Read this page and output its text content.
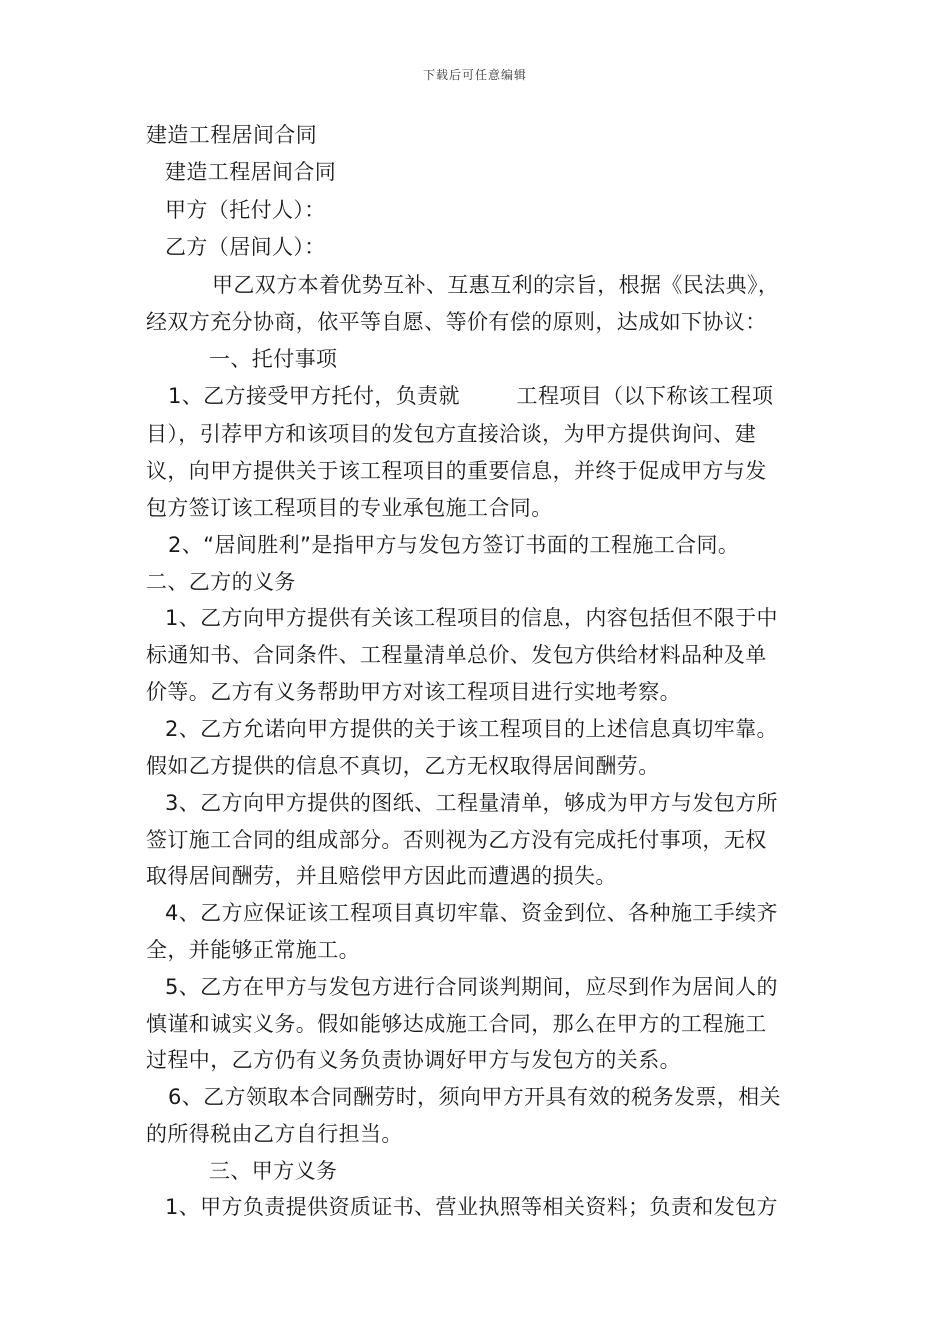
下载后可任意编辑
建造工程居间合同
建造工程居间合同
甲方（托付人）：
乙方（居间人）：
甲乙双方本着优势互补、互惠互利的宗旨，根据《民法典》，
经双方充分协商，依平等自愿、等价有偿的原则，达成如下协议：
一、托付事项
1、乙方接受甲方托付，负责就        工程项目（以下称该工程项
目），引荐甲方和该项目的发包方直接洽谈，为甲方提供询问、建
议，向甲方提供关于该工程项目的重要信息，并终于促成甲方与发
包方签订该工程项目的专业承包施工合同。
2、“居间胜利”是指甲方与发包方签订书面的工程施工合同。
二、乙方的义务
1、乙方向甲方提供有关该工程项目的信息，内容包括但不限于中
标通知书、合同条件、工程量清单总价、发包方供给材料品种及单
价等。乙方有义务帮助甲方对该工程项目进行实地考察。
2、乙方允诺向甲方提供的关于该工程项目的上述信息真切牢靠。
假如乙方提供的信息不真切，乙方无权取得居间酬劳。
3、乙方向甲方提供的图纸、工程量清单，够成为甲方与发包方所
签订施工合同的组成部分。否则视为乙方没有完成托付事项，无权
取得居间酬劳，并且赔偿甲方因此而遭遇的损失。
4、乙方应保证该工程项目真切牢靠、资金到位、各种施工手续齐
全，并能够正常施工。
5、乙方在甲方与发包方进行合同谈判期间，应尽到作为居间人的
慎谨和诚实义务。假如能够达成施工合同，那么在甲方的工程施工
过程中，乙方仍有义务负责协调好甲方与发包方的关系。
6、乙方领取本合同酬劳时，须向甲方开具有效的税务发票，相关
的所得税由乙方自行担当。
三、甲方义务
1、甲方负责提供资质证书、营业执照等相关资料；负责和发包方
